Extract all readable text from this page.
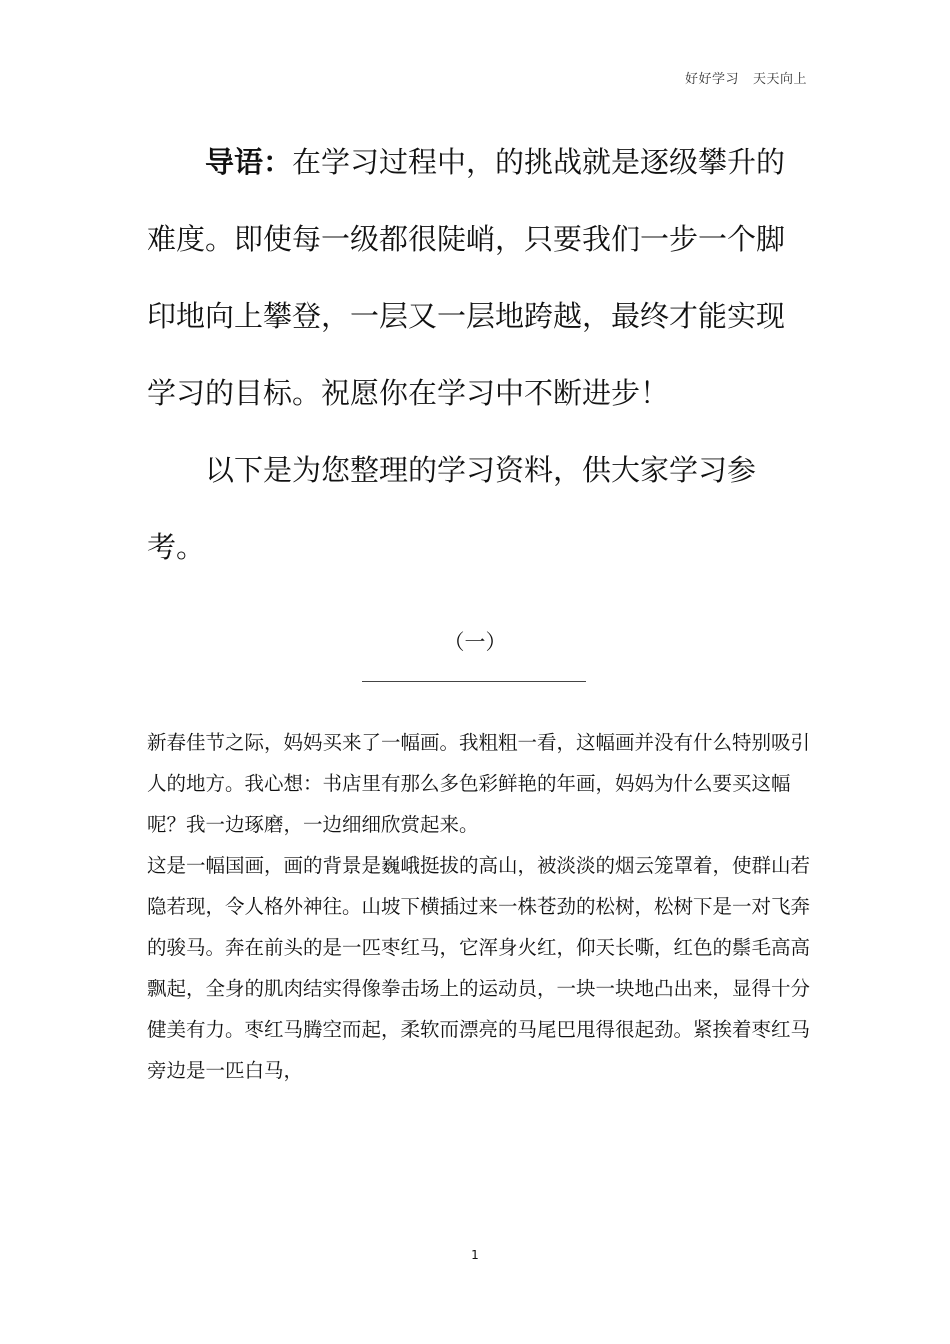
好好学习 天天向上

导语：在学习过程中，的挑战就是逐级攀升的难度。即使每一级都很陡峭，只要我们一步一个脚印地向上攀登，一层又一层地跨越，最终才能实现学习的目标。祝愿你在学习中不断进步！

以下是为您整理的学习资料，供大家学习参考。

（一）

新春佳节之际，妈妈买来了一幅画。我粗粗一看，这幅画并没有什么特别吸引人的地方。我心想：书店里有那么多色彩鲜艳的年画，妈妈为什么要买这幅呢？我一边琢磨，一边细细欣赏起来。

这是一幅国画，画的背景是巍峨挺拔的高山，被淡淡的烟云笼罩着，使群山若隐若现，令人格外神往。山坡下横插过来一株苍劲的松树，松树下是一对飞奔的骏马。奔在前头的是一匹枣红马，它浑身火红，仰天长嘶，红色的鬃毛高高飘起，全身的肌肉结实得像拳击场上的运动员，一块一块地凸出来，显得十分健美有力。枣红马腾空而起，柔软而漂亮的马尾巴甩得很起劲。紧挨着枣红马旁边是一匹白马，

1
